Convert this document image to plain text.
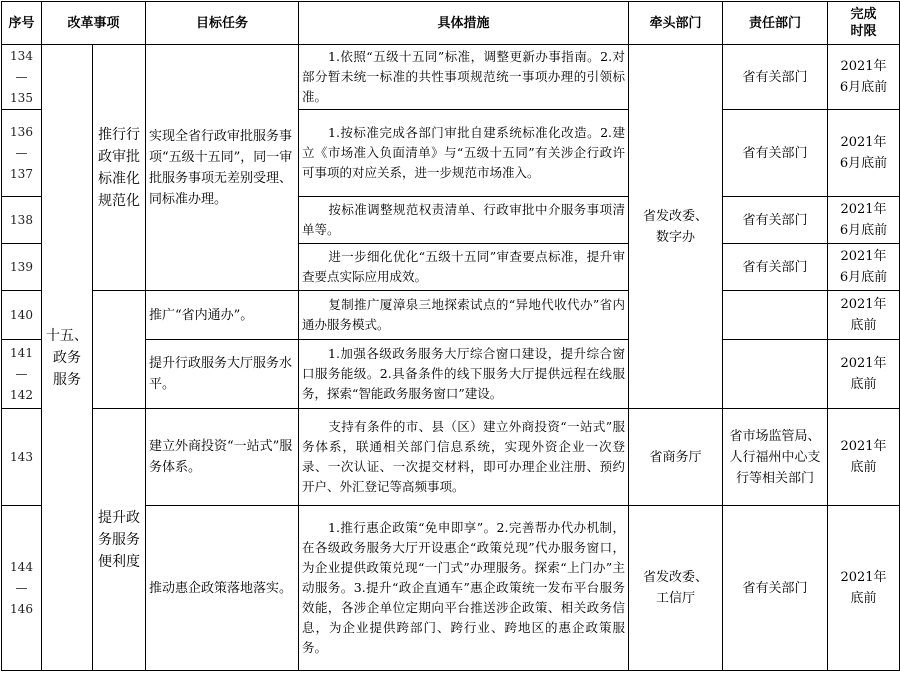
序号	改革事项		目标任务	具体措施	牵头部门	责任部门	完成
时限

134
—
135	十五、
政务
服务	推行行
政审批
标准化
规范化	实现全省行政审批服务事项“五级十五同”，同一审批服务事项无差别受理、同标准办理。	1.依照“五级十五同”标准，调整更新办事指南。2.对部分暂未统一标准的共性事项规范统一事项办理的引领标准。	省发改委、
数字办	省有关部门	2021年
6月底前

136
—
137				1.按标准完成各部门审批自建系统标准化改造。2.建立《市场准入负面清单》与“五级十五同”有关涉企行政许可事项的对应关系，进一步规范市场准入。		省有关部门	2021年
6月底前

138				按标准调整规范权责清单、行政审批中介服务事项清单等。		省有关部门	2021年
6月底前

139				进一步细化优化“五级十五同”审查要点标准，提升审查要点实际应用成效。		省有关部门	2021年
6月底前

140			推广“省内通办”。	复制推广厦漳泉三地探索试点的“异地代收代办”省内通办服务模式。			2021年
底前

141
—
142			提升行政服务大厅服务水平。	1.加强各级政务服务大厅综合窗口建设，提升综合窗口服务能级。2.具备条件的线下服务大厅提供远程在线服务，探索“智能政务服务窗口”建设。			2021年
底前

143		提升政
务服务
便利度	建立外商投资“一站式”服务体系。	支持有条件的市、县（区）建立外商投资“一站式”服务体系，联通相关部门信息系统，实现外资企业一次登录、一次认证、一次提交材料，即可办理企业注册、预约开户、外汇登记等高频事项。	省商务厅	省市场监管局、人行福州中心支行等相关部门	2021年
底前

144
—
146			推动惠企政策落地落实。	1.推行惠企政策“免申即享”。2.完善帮办代办机制，在各级政务服务大厅开设惠企“政策兑现”代办服务窗口，为企业提供政策兑现“一门式”办理服务。探索“上门办”主动服务。3.提升“政企直通车”惠企政策统一发布平台服务效能，各涉企单位定期向平台推送涉企政策、相关政务信息，为企业提供跨部门、跨行业、跨地区的惠企政策服务。	省发改委、
工信厅	省有关部门	2021年
底前
